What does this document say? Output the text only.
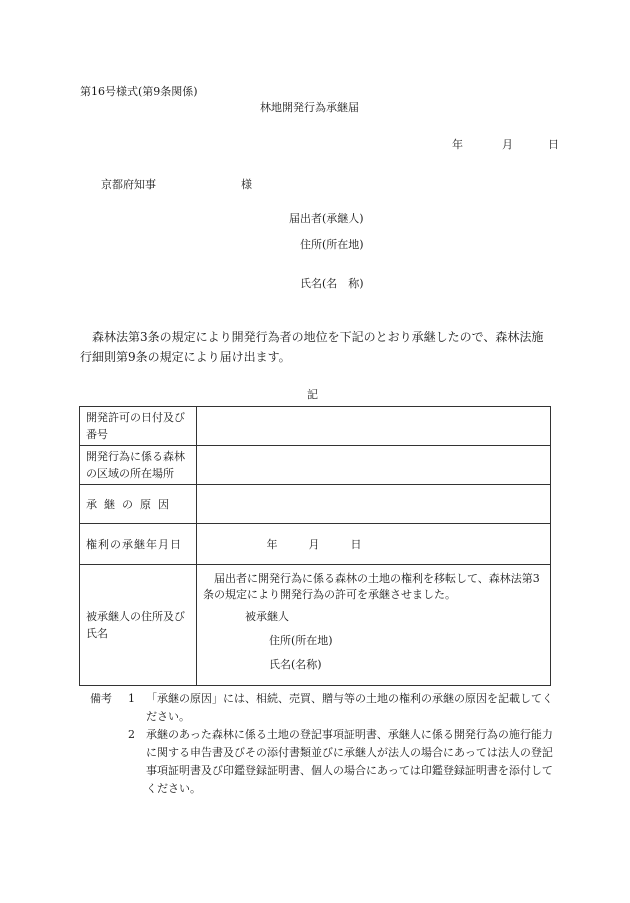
第16号様式(第9条関係)
林地開発行為承継届
年	月	日
京都府知事	様
届出者(承継人)
住所(所在地)
氏名(名　称)
森林法第3条の規定により開発行為者の地位を下記のとおり承継したので、森林法施行細則第9条の規定により届け出ます。
記
開発許可の日付及び番号	
開発行為に係る森林の区域の所在場所	
承継の原因	
権利の承継年月日	年 月 日
被承継人の住所及び氏名	届出者に開発行為に係る森林の土地の権利を移転して、森林法第3条の規定により開発行為の許可を承継させました。
被承継人
住所(所在地)
氏名(名称)
備考	1	「承継の原因」には、相続、売買、贈与等の土地の権利の承継の原因を記載してください。
2	承継のあった森林に係る土地の登記事項証明書、承継人に係る開発行為の施行能力に関する申告書及びその添付書類並びに承継人が法人の場合にあっては法人の登記事項証明書及び印鑑登録証明書、個人の場合にあっては印鑑登録証明書を添付してください。
